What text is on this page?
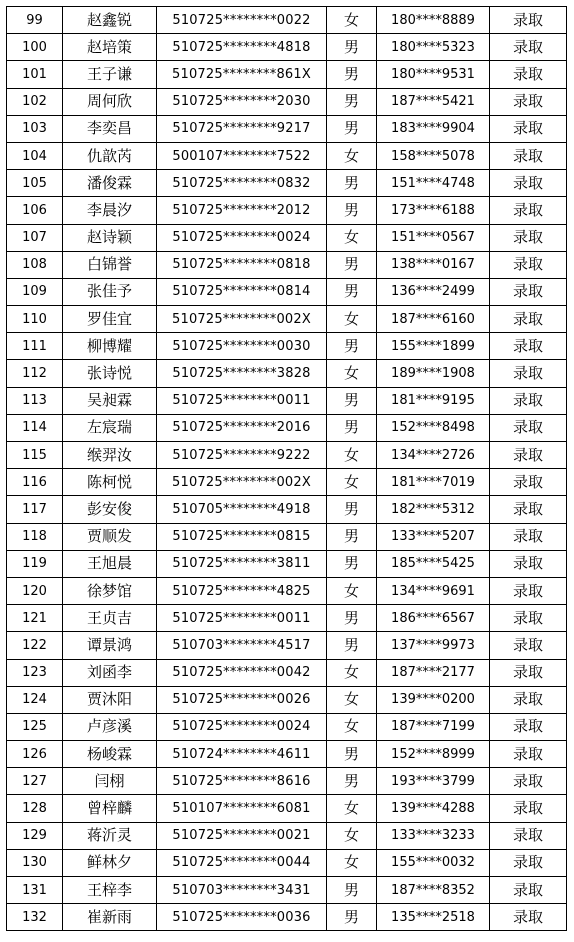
99	赵鑫锐	510725********0022	女	180****8889	录取
100	赵培策	510725********4818	男	180****5323	录取
101	王子谦	510725********861X	男	180****9531	录取
102	周何欣	510725********2030	男	187****5421	录取
103	李奕昌	510725********9217	男	183****9904	录取
104	仇歆芮	500107********7522	女	158****5078	录取
105	潘俊霖	510725********0832	男	151****4748	录取
106	李晨汐	510725********2012	男	173****6188	录取
107	赵诗颖	510725********0024	女	151****0567	录取
108	白锦誉	510725********0818	男	138****0167	录取
109	张佳予	510725********0814	男	136****2499	录取
110	罗佳宜	510725********002X	女	187****6160	录取
111	柳博耀	510725********0030	男	155****1899	录取
112	张诗悦	510725********3828	女	189****1908	录取
113	吴昶霖	510725********0011	男	181****9195	录取
114	左宸瑞	510725********2016	男	152****8498	录取
115	缑羿汝	510725********9222	女	134****2726	录取
116	陈柯悦	510725********002X	女	181****7019	录取
117	彭安俊	510705********4918	男	182****5312	录取
118	贾顺发	510725********0815	男	133****5207	录取
119	王旭晨	510725********3811	男	185****5425	录取
120	徐梦馆	510725********4825	女	134****9691	录取
121	王贞吉	510725********0011	男	186****6567	录取
122	谭景鸿	510703********4517	男	137****9973	录取
123	刘函李	510725********0042	女	187****2177	录取
124	贾沐阳	510725********0026	女	139****0200	录取
125	卢彦溪	510725********0024	女	187****7199	录取
126	杨峻霖	510724********4611	男	152****8999	录取
127	闫栩	510725********8616	男	193****3799	录取
128	曾梓麟	510107********6081	女	139****4288	录取
129	蒋沂灵	510725********0021	女	133****3233	录取
130	鲜林夕	510725********0044	女	155****0032	录取
131	王梓李	510703********3431	男	187****8352	录取
132	崔新雨	510725********0036	男	135****2518	录取
